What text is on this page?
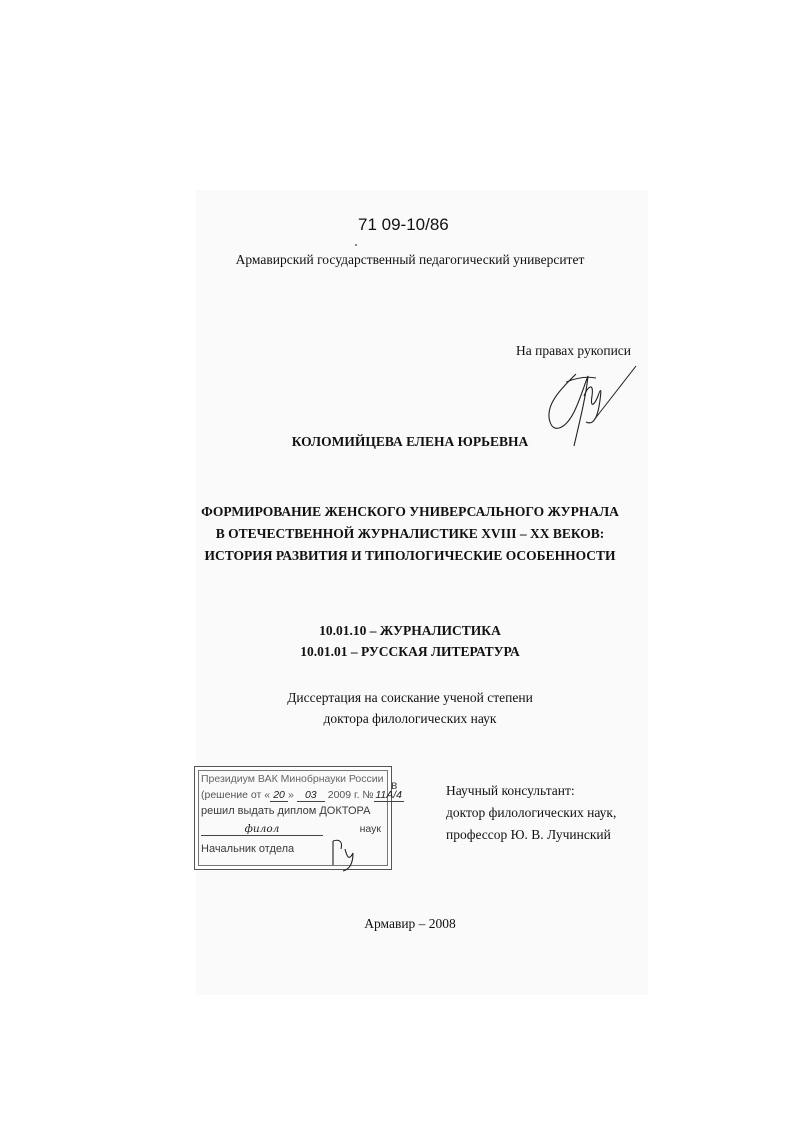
71 09-10/86
Армавирский государственный педагогический университет
На правах рукописи
КОЛОМИЙЦЕВА ЕЛЕНА ЮРЬЕВНА
ФОРМИРОВАНИЕ ЖЕНСКОГО УНИВЕРСАЛЬНОГО ЖУРНАЛА
В ОТЕЧЕСТВЕННОЙ ЖУРНАЛИСТИКЕ XVIII – XX ВЕКОВ:
ИСТОРИЯ РАЗВИТИЯ И ТИПОЛОГИЧЕСКИЕ ОСОБЕННОСТИ
10.01.10 – ЖУРНАЛИСТИКА
10.01.01 – РУССКАЯ ЛИТЕРАТУРА
Диссертация на соискание ученой степени
доктора филологических наук
Научный консультант:
доктор филологических наук,
профессор Ю. В. Лучинский
Президиум ВАК Минобрнауки России
(решение от « 20 » 03 2009 г. № 11А/4
решил выдать диплом ДОКТОРА
филол	наук
Начальник отдела
в
Армавир – 2008
